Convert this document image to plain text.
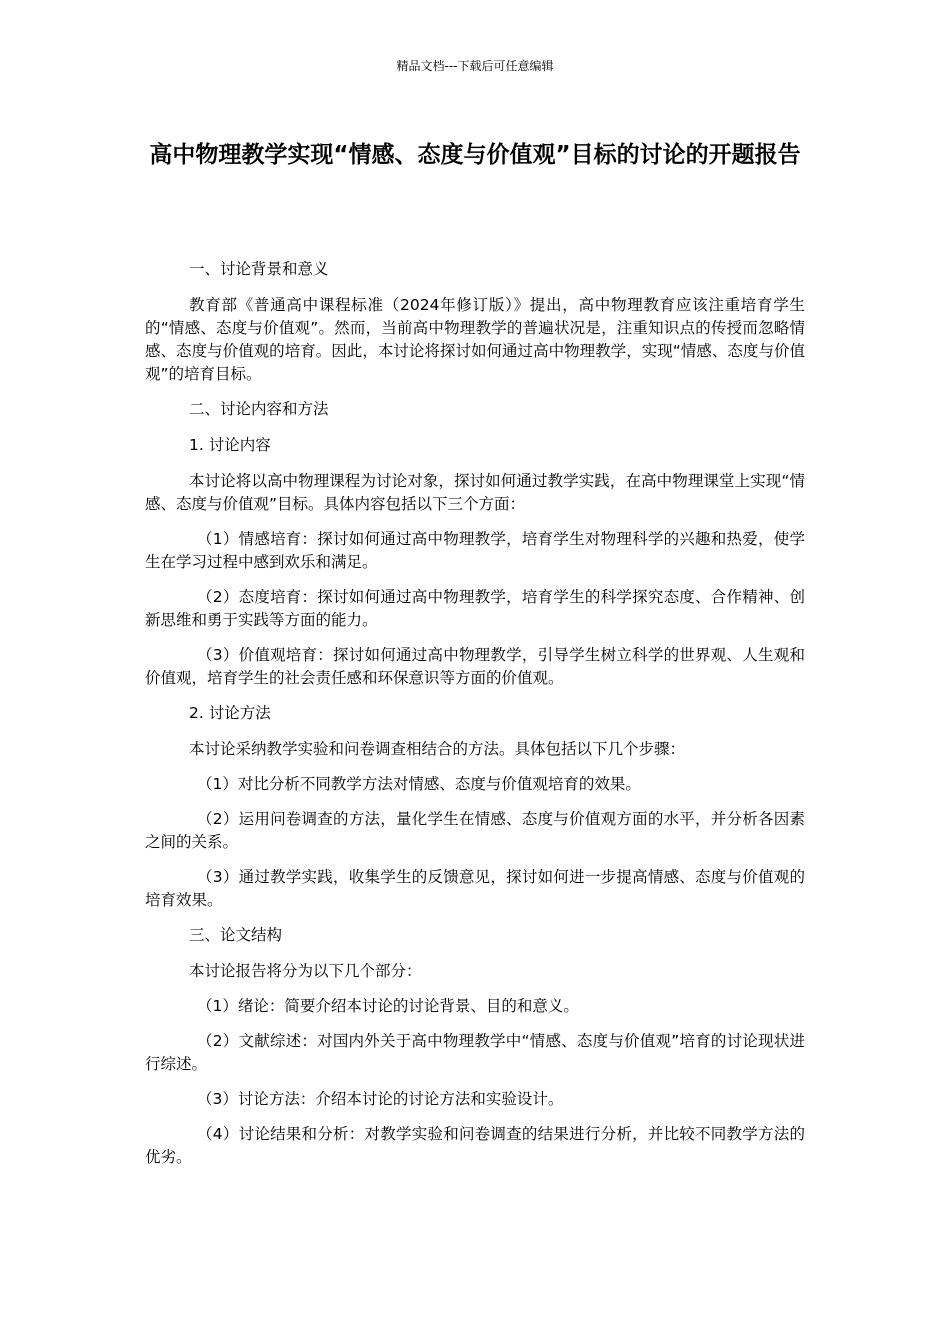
精品文档---下载后可任意编辑
高中物理教学实现“情感、态度与价值观”目标的讨论的开题报告

一、讨论背景和意义

教育部《普通高中课程标准（2024年修订版）》提出，高中物理教育应该注重培育学生的“情感、态度与价值观”。然而，当前高中物理教学的普遍状况是，注重知识点的传授而忽略情感、态度与价值观的培育。因此，本讨论将探讨如何通过高中物理教学，实现“情感、态度与价值观”的培育目标。

二、讨论内容和方法

1. 讨论内容

本讨论将以高中物理课程为讨论对象，探讨如何通过教学实践，在高中物理课堂上实现“情感、态度与价值观”目标。具体内容包括以下三个方面：

（1）情感培育：探讨如何通过高中物理教学，培育学生对物理科学的兴趣和热爱，使学生在学习过程中感到欢乐和满足。

（2）态度培育：探讨如何通过高中物理教学，培育学生的科学探究态度、合作精神、创新思维和勇于实践等方面的能力。

（3）价值观培育：探讨如何通过高中物理教学，引导学生树立科学的世界观、人生观和价值观，培育学生的社会责任感和环保意识等方面的价值观。

2. 讨论方法

本讨论采纳教学实验和问卷调查相结合的方法。具体包括以下几个步骤：

（1）对比分析不同教学方法对情感、态度与价值观培育的效果。

（2）运用问卷调查的方法，量化学生在情感、态度与价值观方面的水平，并分析各因素之间的关系。

（3）通过教学实践，收集学生的反馈意见，探讨如何进一步提高情感、态度与价值观的培育效果。

三、论文结构

本讨论报告将分为以下几个部分：

（1）绪论：简要介绍本讨论的讨论背景、目的和意义。

（2）文献综述：对国内外关于高中物理教学中“情感、态度与价值观”培育的讨论现状进行综述。

（3）讨论方法：介绍本讨论的讨论方法和实验设计。

（4）讨论结果和分析：对教学实验和问卷调查的结果进行分析，并比较不同教学方法的优劣。
